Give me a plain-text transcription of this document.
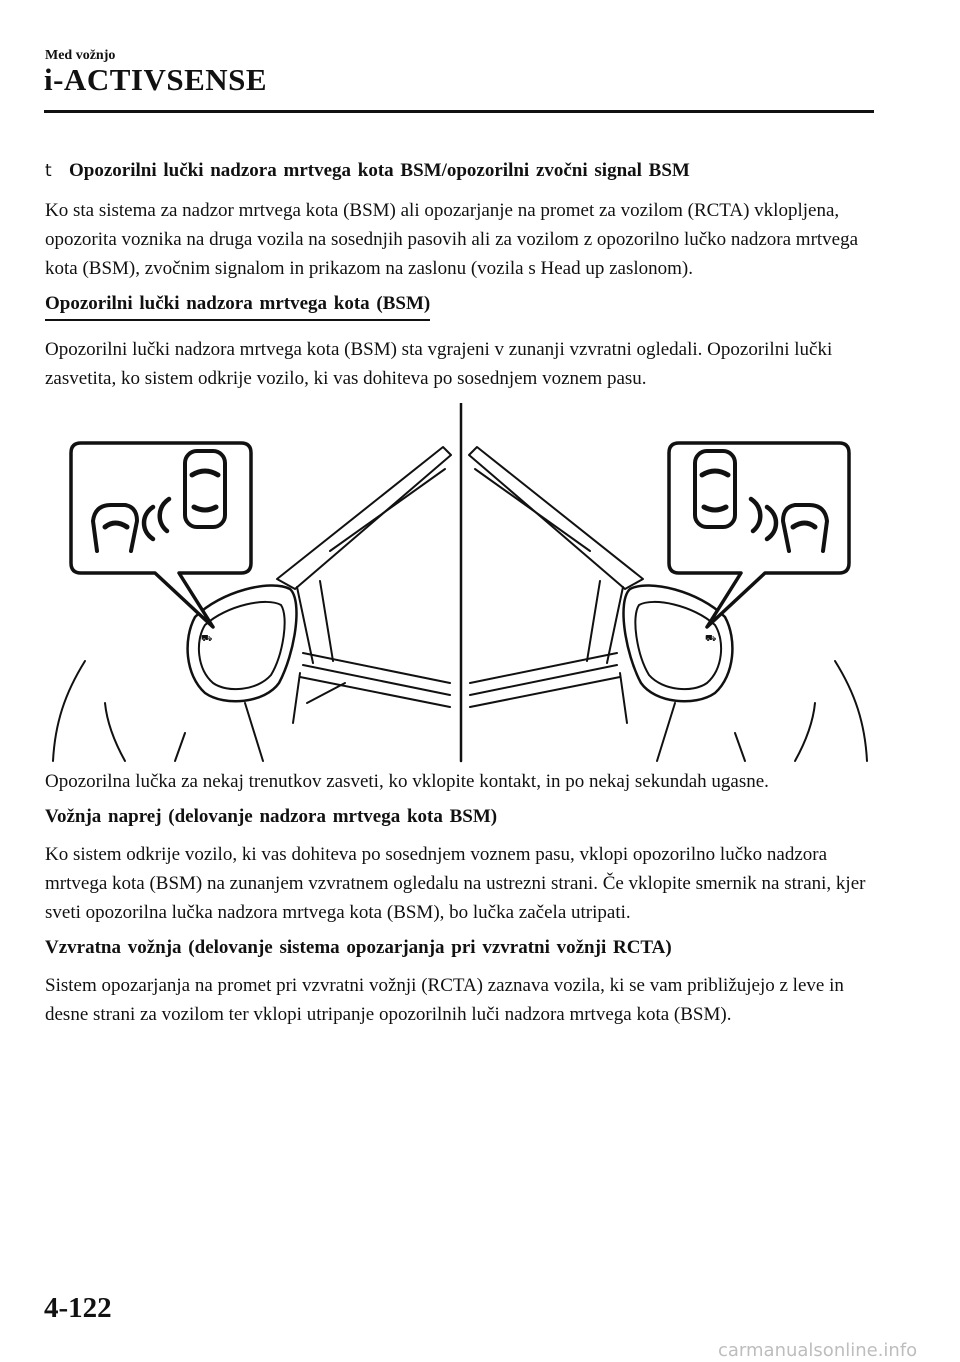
Med vožnjo
i-ACTIVSENSE
t Opozorilni lučki nadzora mrtvega kota BSM/opozorilni zvočni signal BSM

Ko sta sistema za nadzor mrtvega kota (BSM) ali opozarjanje na promet za vozilom (RCTA) vklopljena, opozorita voznika na druga vozila na sosednjih pasovih ali za vozilom z opozorilno lučko nadzora mrtvega kota (BSM), zvočnim signalom in prikazom na zaslonu (vozila s Head up zaslonom).

Opozorilni lučki nadzora mrtvega kota (BSM)

Opozorilni lučki nadzora mrtvega kota (BSM) sta vgrajeni v zunanji vzvratni ogledali. Opozorilni lučki zasvetita, ko sistem odkrije vozilo, ki vas dohiteva po sosednjem voznem pasu.

⛟	⛟

Opozorilna lučka za nekaj trenutkov zasveti, ko vklopite kontakt, in po nekaj sekundah ugasne.

Vožnja naprej (delovanje nadzora mrtvega kota BSM)

Ko sistem odkrije vozilo, ki vas dohiteva po sosednjem voznem pasu, vklopi opozorilno lučko nadzora mrtvega kota (BSM) na zunanjem vzvratnem ogledalu na ustrezni strani. Če vklopite smernik na strani, kjer sveti opozorilna lučka nadzora mrtvega kota (BSM), bo lučka začela utripati.

Vzvratna vožnja (delovanje sistema opozarjanja pri vzvratni vožnji RCTA)

Sistem opozarjanja na promet pri vzvratni vožnji (RCTA) zaznava vozila, ki se vam približujejo z leve in desne strani za vozilom ter vklopi utripanje opozorilnih luči nadzora mrtvega kota (BSM).

4-122
carmanualsonline.info
